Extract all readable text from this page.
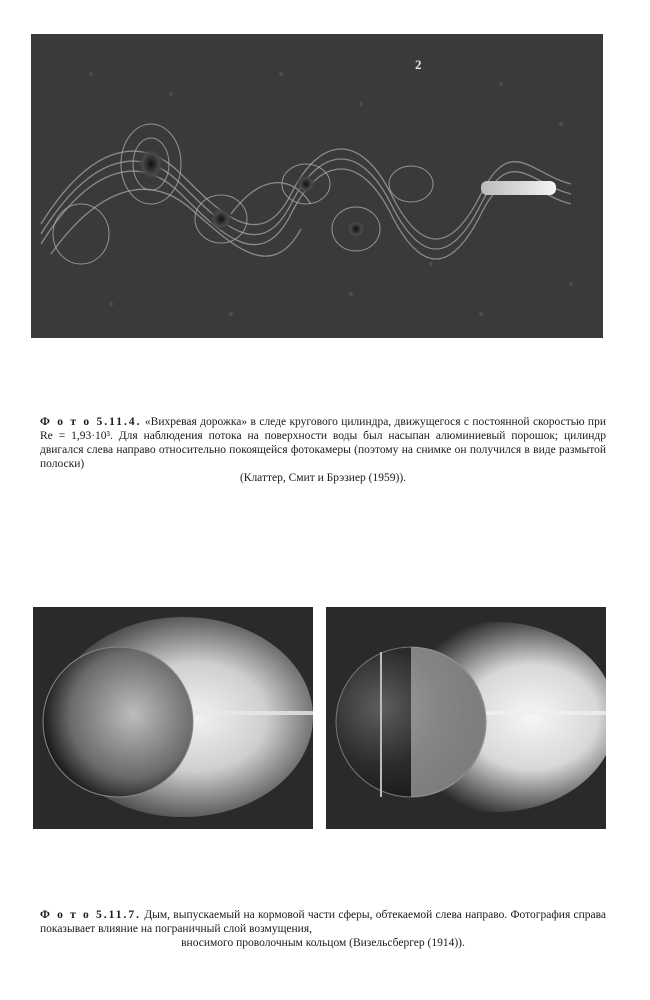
2
Ф о т о 5.11.4. «Вихревая дорожка» в следе кругового цилиндра, движущегося с постоянной скоростью при Re = 1,93·10³. Для наблюдения потока на поверхности воды был насыпан алюминиевый порошок; цилиндр двигался слева направо относительно покоящейся фотокамеры (поэтому на снимке он получился в виде размытой полоски)
(Клаттер, Смит и Брэзиер (1959)).
Ф о т о 5.11.7. Дым, выпускаемый на кормовой части сферы, обтекаемой слева направо. Фотография справа показывает влияние на пограничный слой возмущения,
вносимого проволочным кольцом (Визельсбергер (1914)).
